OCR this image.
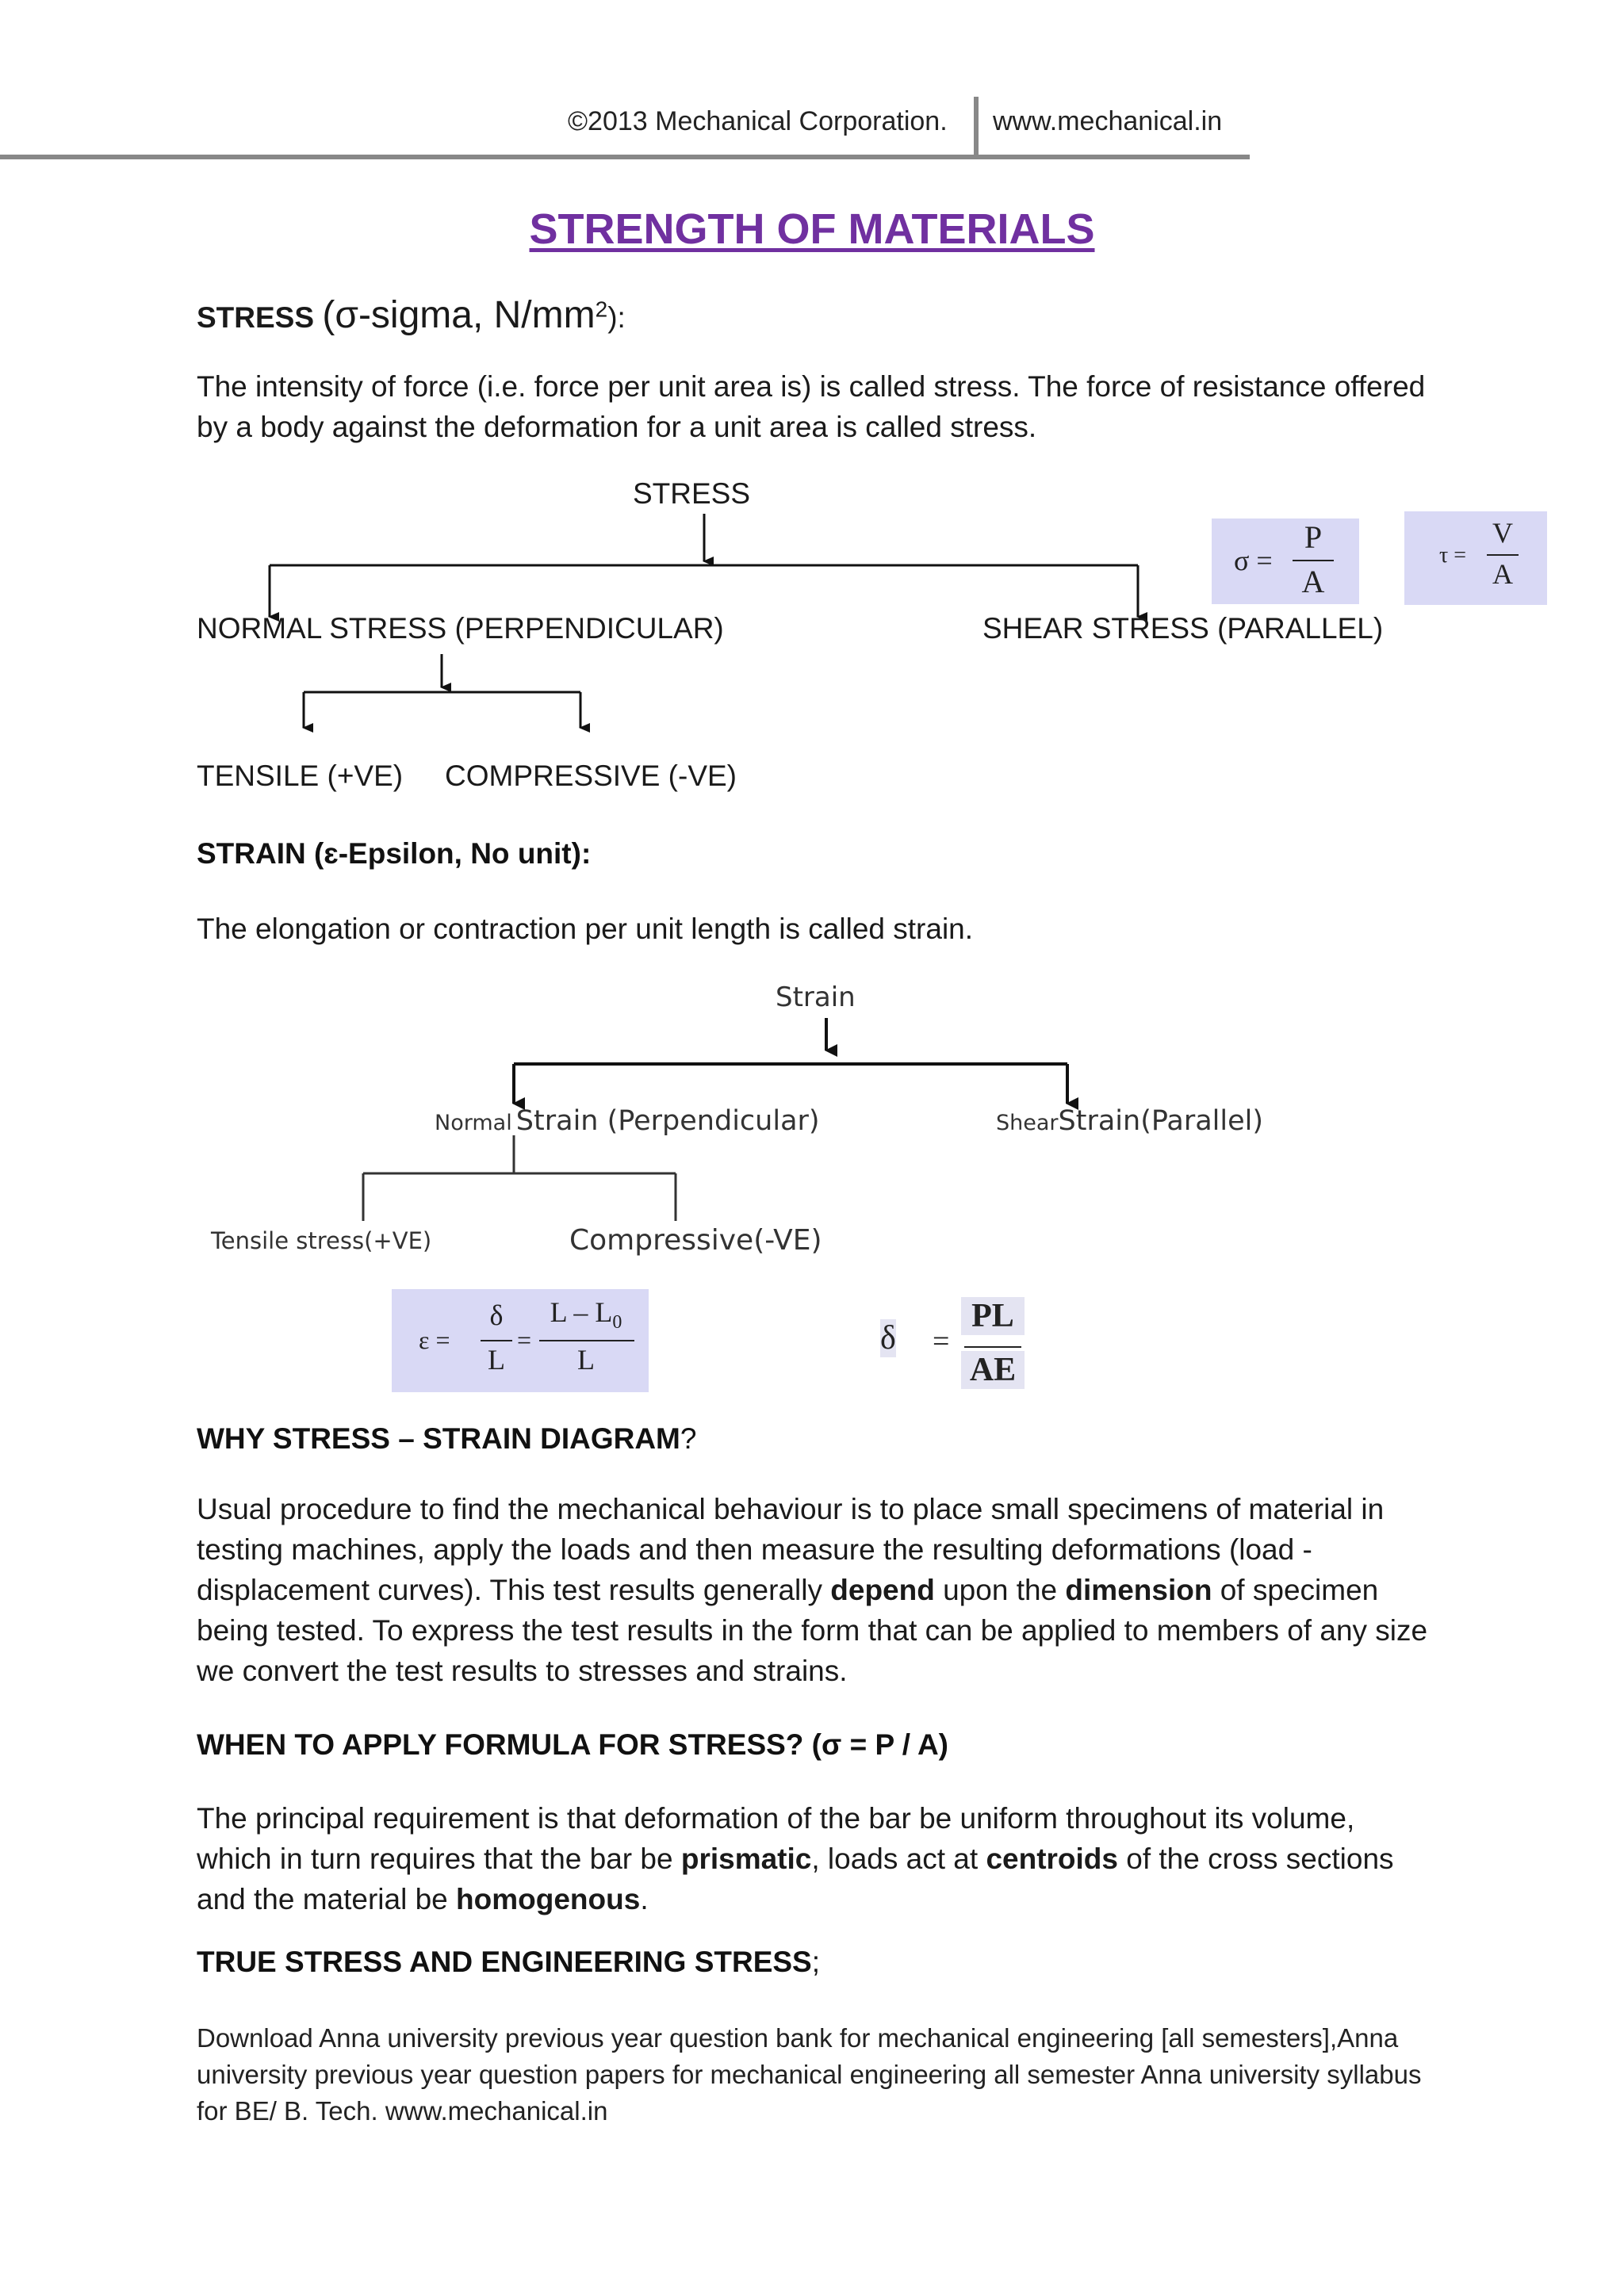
©2013 Mechanical Corporation. www.mechanical.in
STRENGTH OF MATERIALS
STRESS (σ-sigma, $N/mm^2$):
The intensity of force (i.e. force per unit area is) is called stress. The force of resistance offered by a body against the deformation for a unit area is called stress.
STRESS
NORMAL STRESS (PERPENDICULAR)	SHEAR STRESS (PARALLEL)
TENSILE (+VE) COMPRESSIVE (-VE)
σ =
P
A
τ =
V
A
STRAIN (ɛ-Epsilon, No unit):
The elongation or contraction per unit length is called strain.
Strain
Normal Strain (Perpendicular)	ShearStrain(Parallel)
Tensile stress(+VE)	Compressive(-VE)
ε =
δ
L
=
L – $L_0$
L
δ =
PL
AE
WHY STRESS – STRAIN DIAGRAM?
Usual procedure to find the mechanical behaviour is to place small specimens of material in testing machines, apply the loads and then measure the resulting deformations (load - displacement curves). This test results generally depend upon the dimension of specimen being tested. To express the test results in the form that can be applied to members of any size we convert the test results to stresses and strains.
WHEN TO APPLY FORMULA FOR STRESS? (σ = P / A)
The principal requirement is that deformation of the bar be uniform throughout its volume, which in turn requires that the bar be prismatic, loads act at centroids of the cross sections and the material be homogenous.
TRUE STRESS AND ENGINEERING STRESS;
Download Anna university previous year question bank for mechanical engineering [all semesters],Anna university previous year question papers for mechanical engineering all semester Anna university syllabus for BE/ B. Tech. www.mechanical.in
